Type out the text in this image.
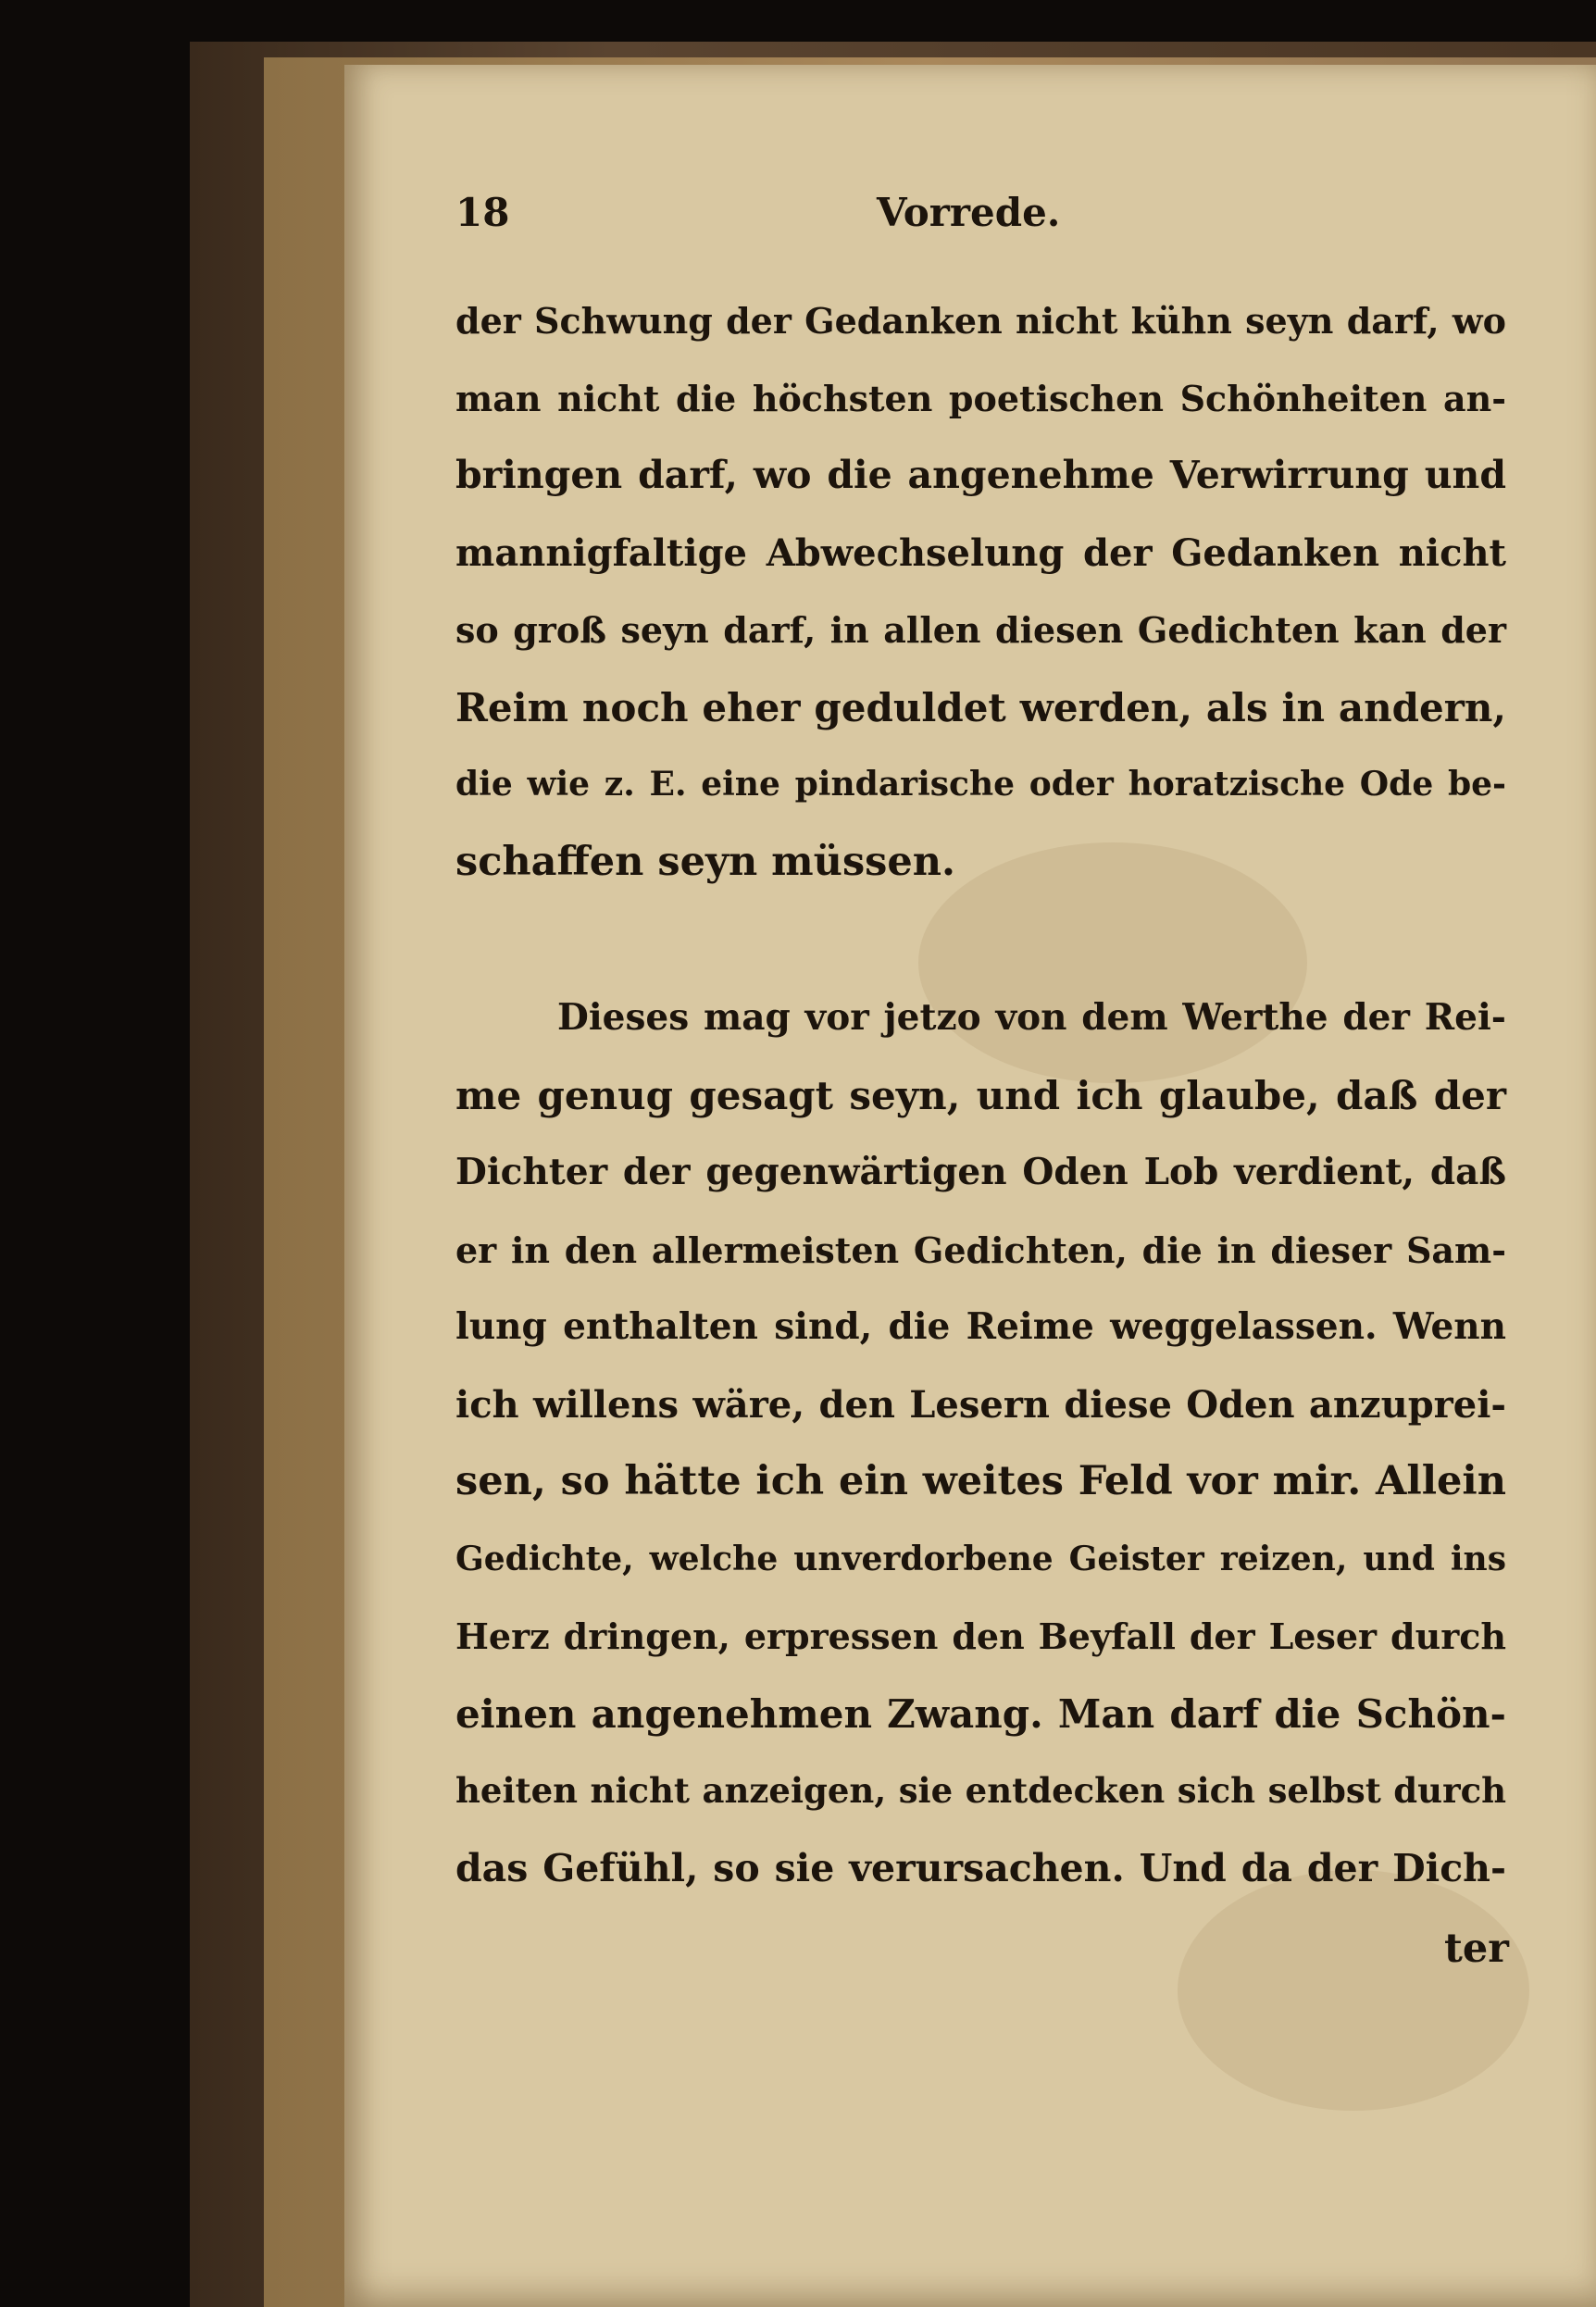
18	Vorrede.
der Schwung der Gedanken nicht kühn seyn darf, wo
man nicht die höchsten poetischen Schönheiten an-
bringen darf, wo die angenehme Verwirrung und
mannigfaltige Abwechselung der Gedanken nicht
so groß seyn darf, in allen diesen Gedichten kan der
Reim noch eher geduldet werden, als in andern,
die wie z. E. eine pindarische oder horatzische Ode be-
schaffen seyn müssen.
Dieses mag vor jetzo von dem Werthe der Rei-
me genug gesagt seyn, und ich glaube, daß der
Dichter der gegenwärtigen Oden Lob verdient, daß
er in den allermeisten Gedichten, die in dieser Sam-
lung enthalten sind, die Reime weggelassen. Wenn
ich willens wäre, den Lesern diese Oden anzuprei-
sen, so hätte ich ein weites Feld vor mir. Allein
Gedichte, welche unverdorbene Geister reizen, und ins
Herz dringen, erpressen den Beyfall der Leser durch
einen angenehmen Zwang. Man darf die Schön-
heiten nicht anzeigen, sie entdecken sich selbst durch
das Gefühl, so sie verursachen. Und da der Dich-
ter
